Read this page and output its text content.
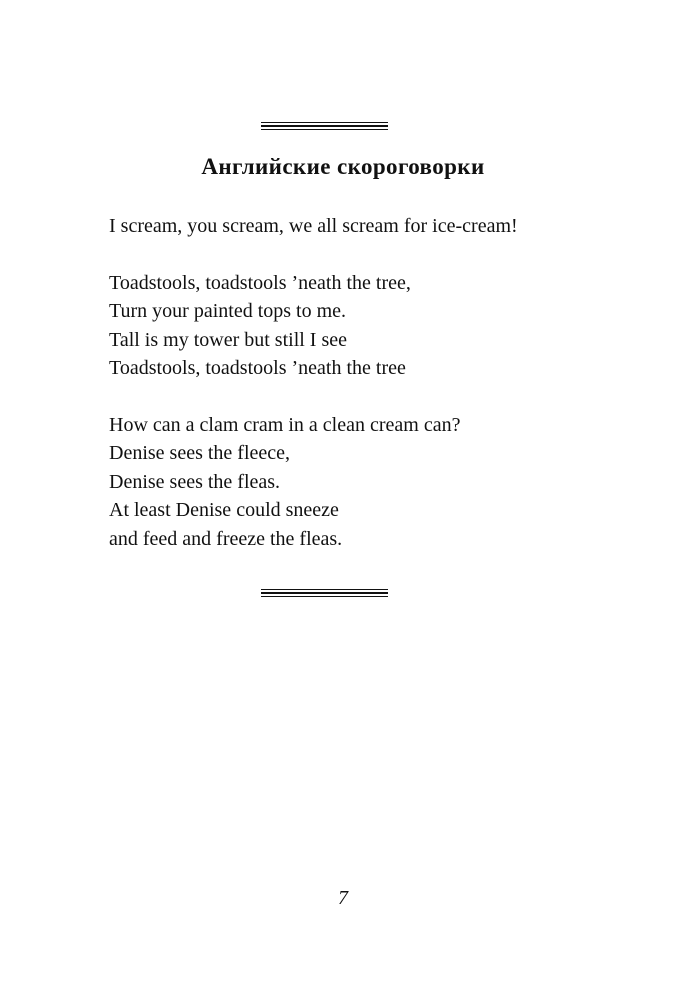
Английские скороговорки
I scream, you scream, we all scream for ice-cream!
Toadstools, toadstools ’neath the tree,
Turn your painted tops to me.
Tall is my tower but still I see
Toadstools, toadstools ’neath the tree
How can a clam cram in a clean cream can?
Denise sees the fleece,
Denise sees the fleas.
At least Denise could sneeze
and feed and freeze the fleas.
7
